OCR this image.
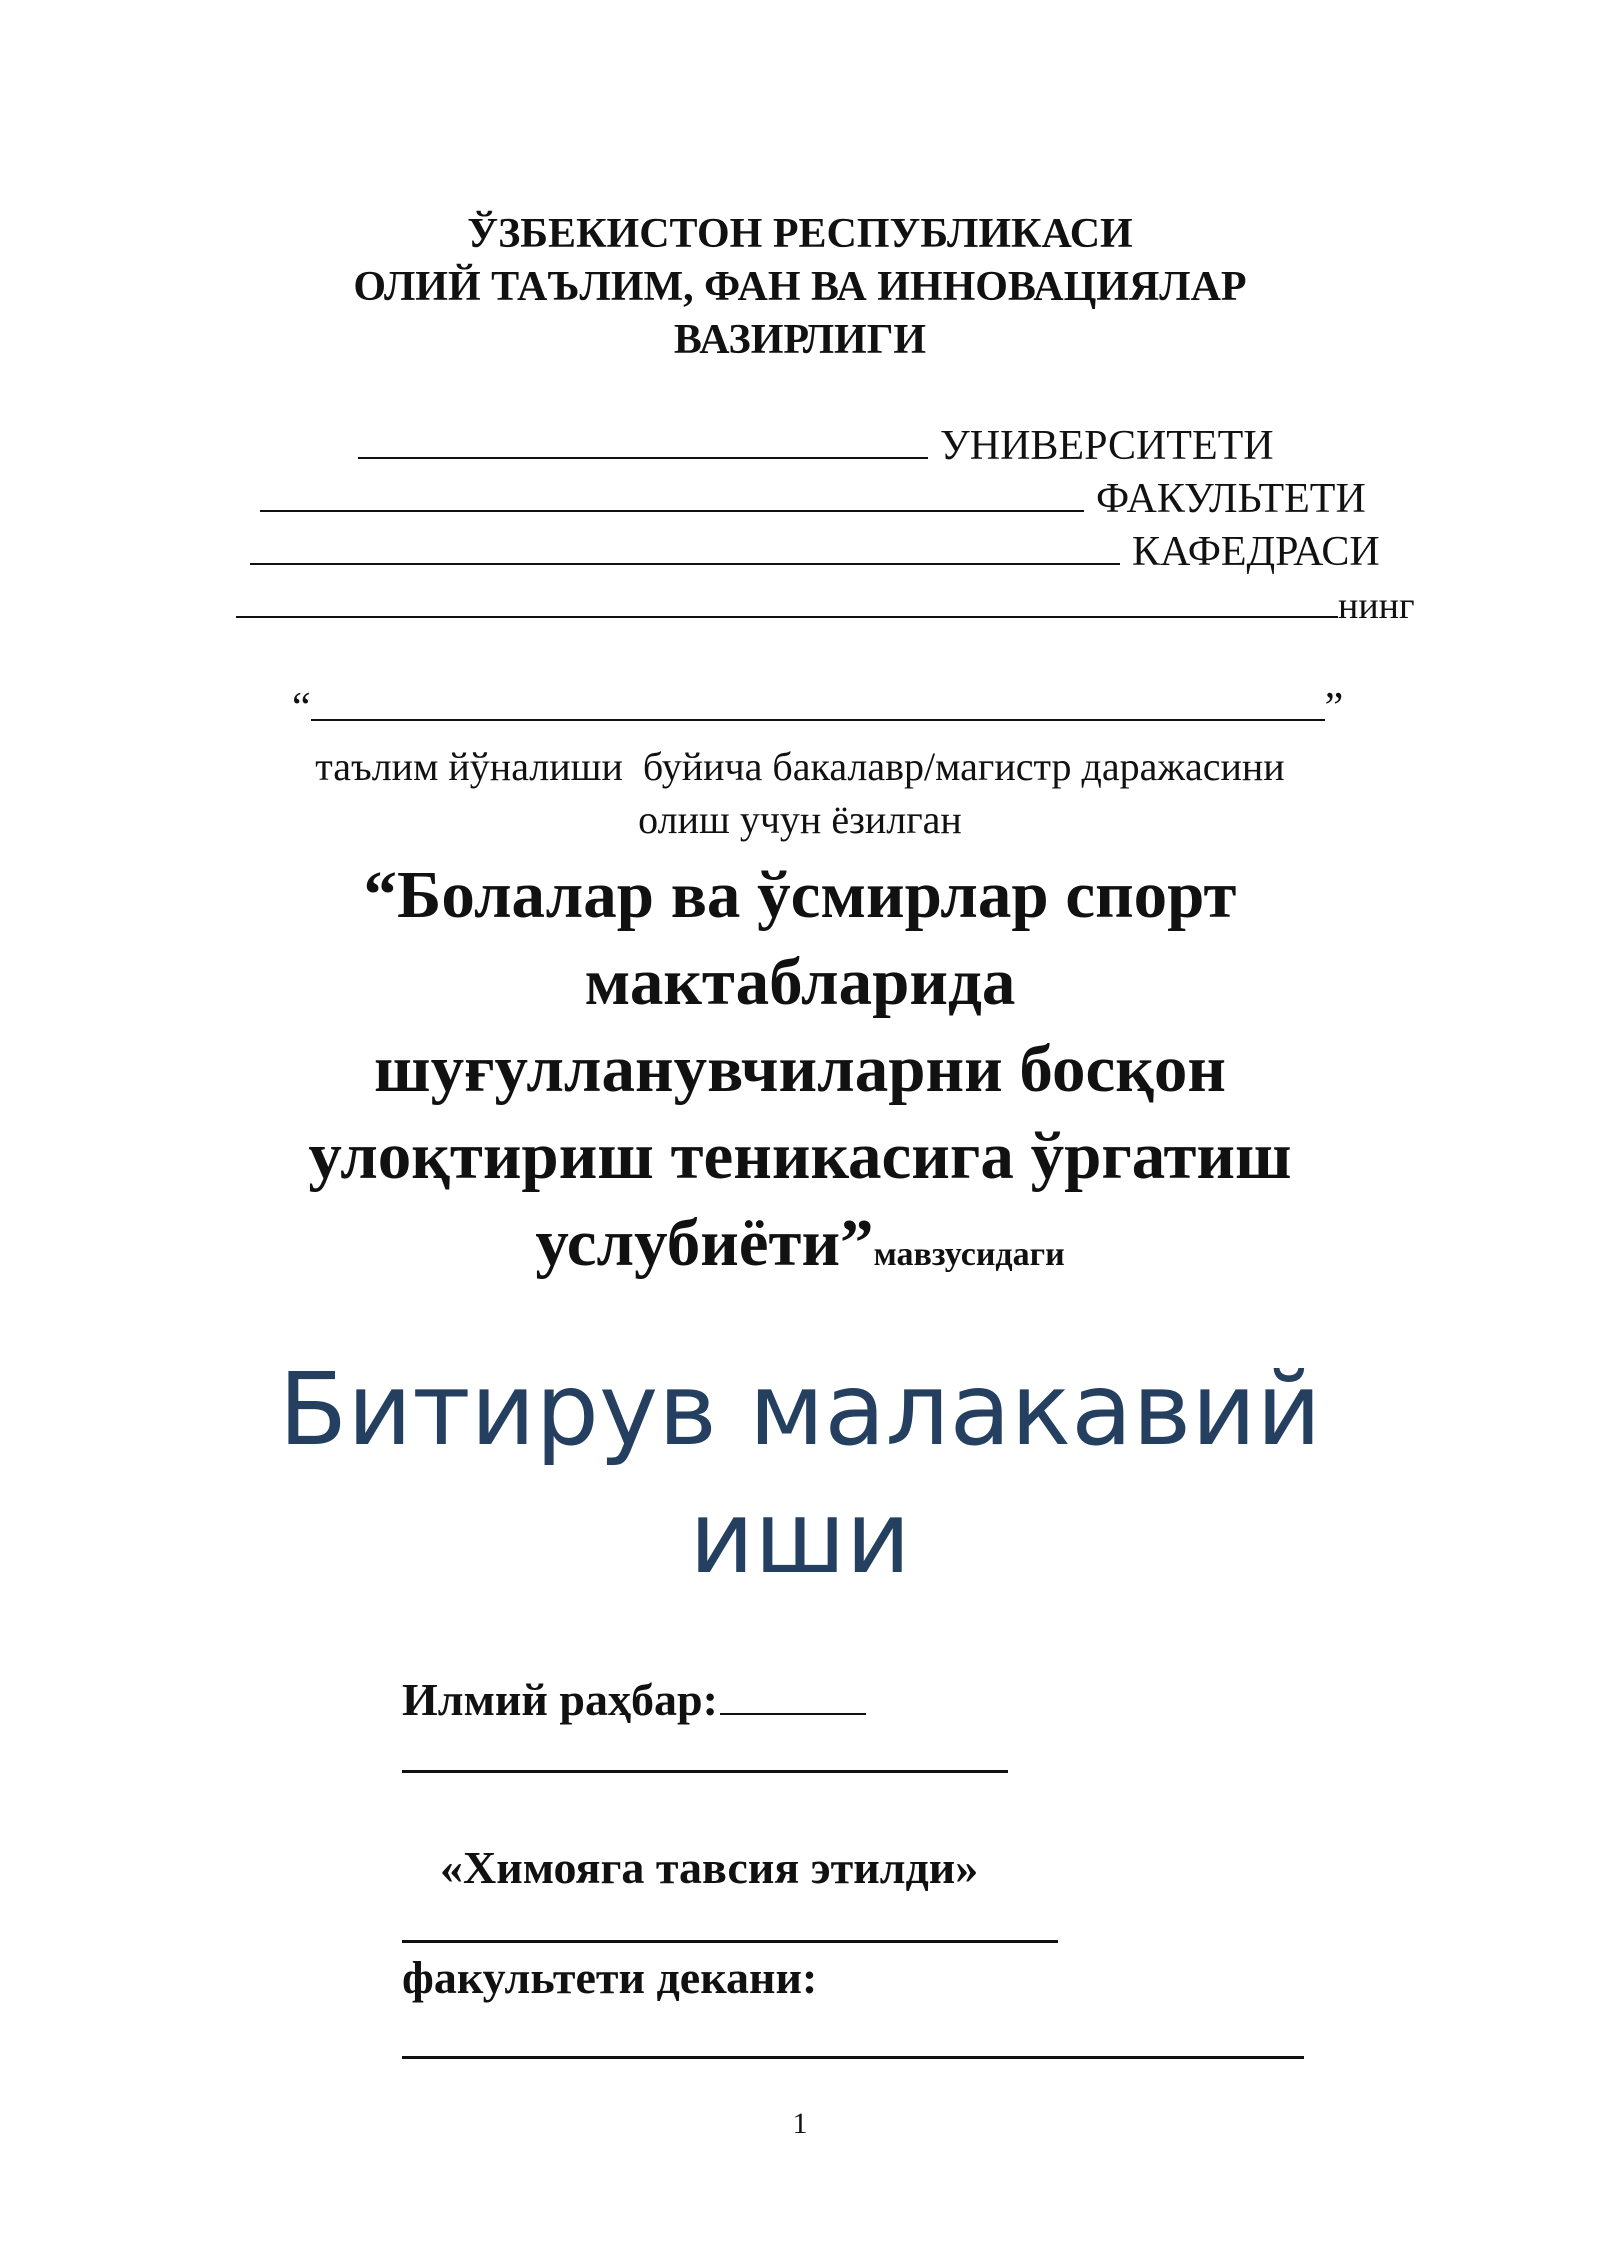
ЎЗБЕКИСТОН РЕСПУБЛИКАСИ
ОЛИЙ ТАЪЛИМ, ФАН ВА ИННОВАЦИЯЛАР
ВАЗИРЛИГИ
УНИВЕРСИТЕТИ
ФАКУЛЬТЕТИ
КАФЕДРАСИ
нинг
“	”
таълим йўналиши  буйича бакалавр/магистр даражасини
олиш учун ёзилган
“Болалар ва ўсмирлар спорт
мактабларида
шуғулланувчиларни босқон
улоқтириш теникасига ўргатиш
услубиёти”мавзусидаги
Битирув малакавий
иши
Илмий раҳбар:
«Химояга тавсия этилди»
факультети декани:
1
